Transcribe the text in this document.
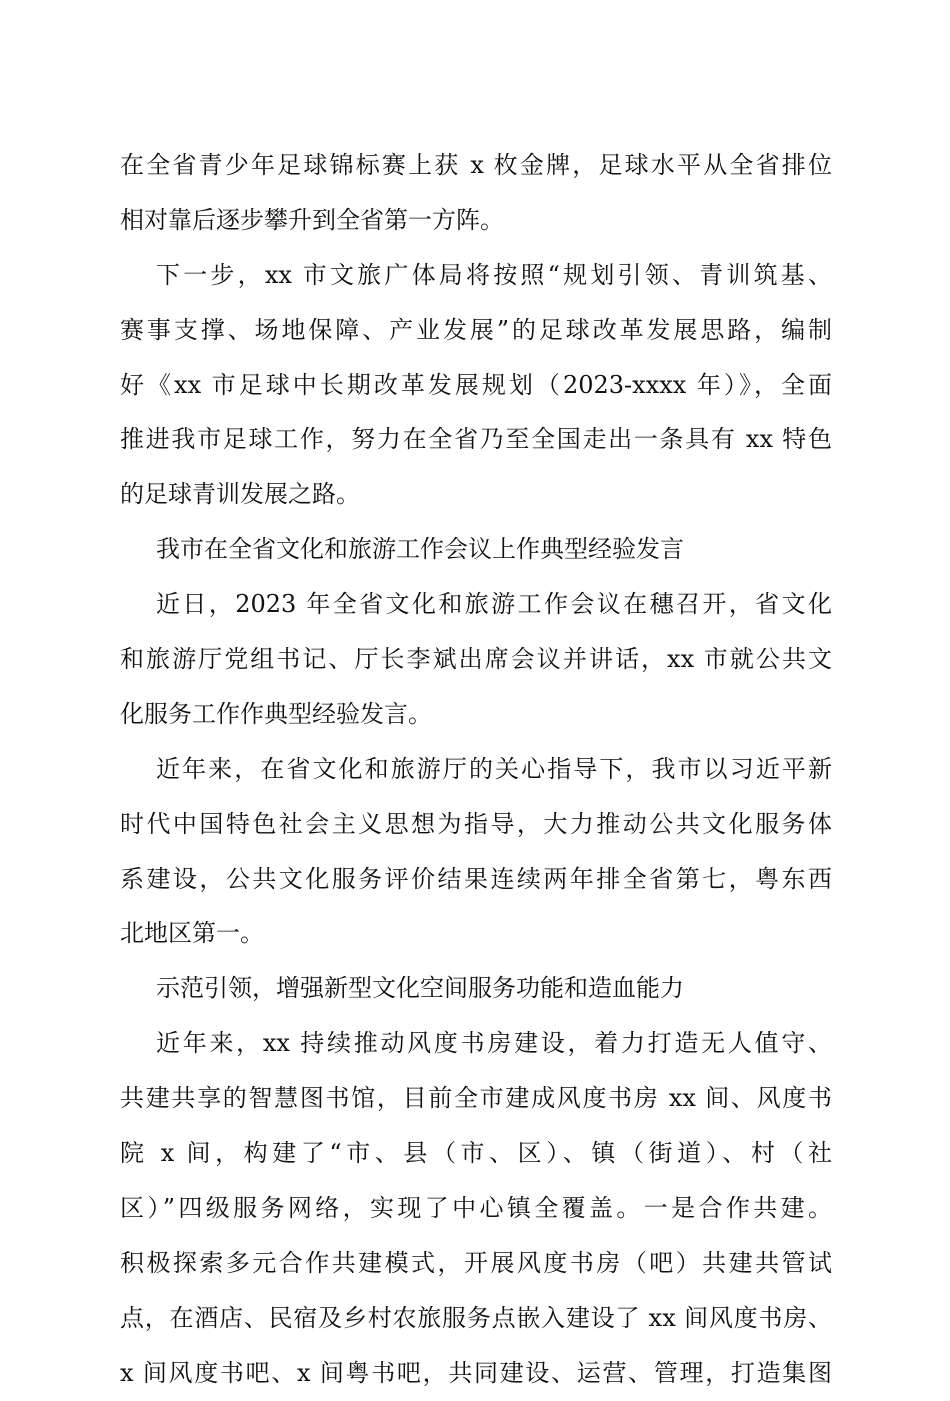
在全省青少年足球锦标赛上获 x 枚金牌，足球水平从全省排位
相对靠后逐步攀升到全省第一方阵。
下一步，xx 市文旅广体局将按照“规划引领、青训筑基、
赛事支撑、场地保障、产业发展”的足球改革发展思路，编制
好《xx 市足球中长期改革发展规划（2023-xxxx 年）》，全面
推进我市足球工作，努力在全省乃至全国走出一条具有 xx 特色
的足球青训发展之路。
我市在全省文化和旅游工作会议上作典型经验发言
近日，2023 年全省文化和旅游工作会议在穗召开，省文化
和旅游厅党组书记、厅长李斌出席会议并讲话，xx 市就公共文
化服务工作作典型经验发言。
近年来，在省文化和旅游厅的关心指导下，我市以习近平新
时代中国特色社会主义思想为指导，大力推动公共文化服务体
系建设，公共文化服务评价结果连续两年排全省第七，粤东西
北地区第一。
示范引领，增强新型文化空间服务功能和造血能力
近年来，xx 持续推动风度书房建设，着力打造无人值守、
共建共享的智慧图书馆，目前全市建成风度书房 xx 间、风度书
院 x 间，构建了“市、县（市、区）、镇（街道）、村（社
区）”四级服务网络，实现了中心镇全覆盖。一是合作共建。
积极探索多元合作共建模式，开展风度书房（吧）共建共管试
点，在酒店、民宿及乡村农旅服务点嵌入建设了 xx 间风度书房、
x 间风度书吧、x 间粤书吧，共同建设、运营、管理，打造集图
